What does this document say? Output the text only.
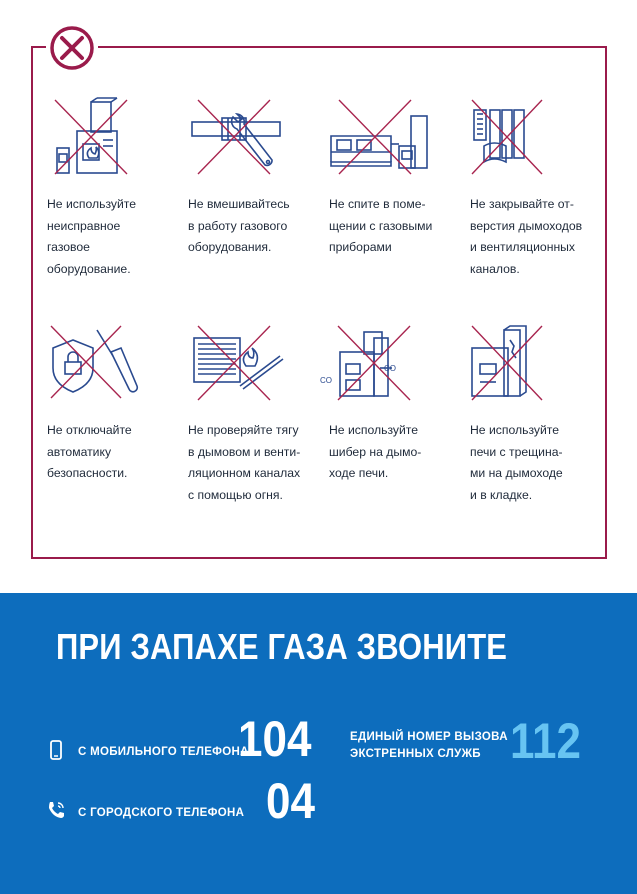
Не используйте
неисправное
газовое
оборудование.
Не вмешивайтесь
в работу газового
оборудования.
Не спите в поме-
щении с газовыми
приборами
Не закрывайте от-
верстия дымоходов
и вентиляционных
каналов.
Не отключайте
автоматику
безопасности.
Не проверяйте тягу
в дымовом и венти-
ляционном каналах
с помощью огня.
CO
CO
Не используйте
шибер на дымо-
ходе печи.
Не используйте
печи с трещина-
ми на дымоходе
и в кладке.
ПРИ ЗАПАХЕ ГАЗА ЗВОНИТЕ
С МОБИЛЬНОГО ТЕЛЕФОНА
104	ЕДИНЫЙ НОМЕР ВЫЗОВА
ЭКСТРЕННЫХ СЛУЖБ 112
С ГОРОДСКОГО ТЕЛЕФОНА 04
